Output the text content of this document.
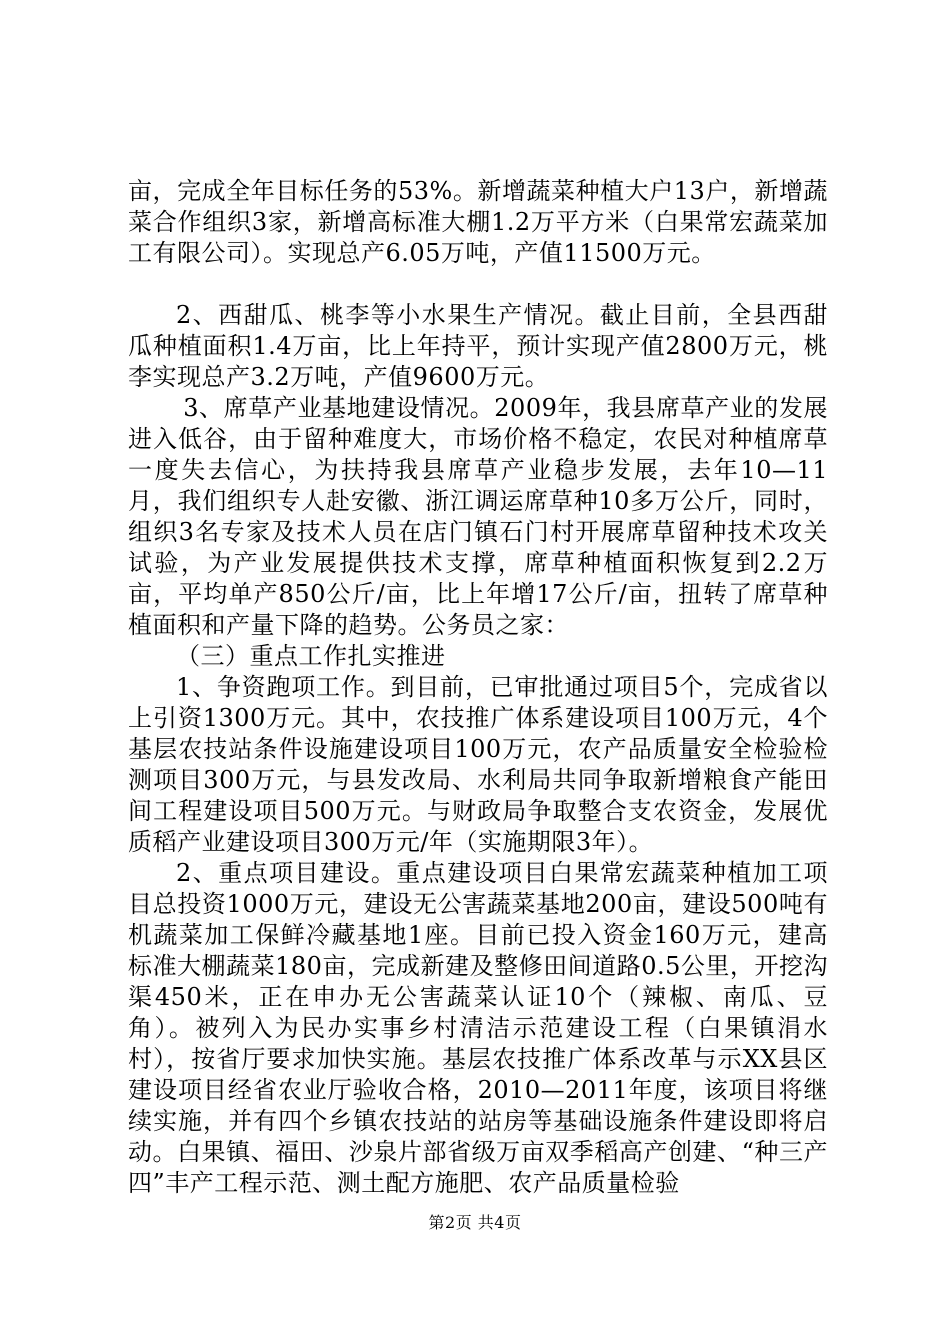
亩，完成全年目标任务的53%。新增蔬菜种植大户13户，新增蔬菜合作组织3家，新增高标准大棚1.2万平方米（白果常宏蔬菜加工有限公司）。实现总产6.05万吨，产值11500万元。

2、西甜瓜、桃李等小水果生产情况。截止目前，全县西甜瓜种植面积1.4万亩，比上年持平，预计实现产值2800万元，桃李实现总产3.2万吨，产值9600万元。

3、席草产业基地建设情况。2009年，我县席草产业的发展进入低谷，由于留种难度大，市场价格不稳定，农民对种植席草一度失去信心，为扶持我县席草产业稳步发展，去年10—11月，我们组织专人赴安徽、浙江调运席草种10多万公斤，同时，组织3名专家及技术人员在店门镇石门村开展席草留种技术攻关试验，为产业发展提供技术支撑，席草种植面积恢复到2.2万亩，平均单产850公斤/亩，比上年增17公斤/亩，扭转了席草种植面积和产量下降的趋势。公务员之家：

（三）重点工作扎实推进

1、争资跑项工作。到目前，已审批通过项目5个，完成省以上引资1300万元。其中，农技推广体系建设项目100万元，4个基层农技站条件设施建设项目100万元，农产品质量安全检验检测项目300万元，与县发改局、水利局共同争取新增粮食产能田间工程建设项目500万元。与财政局争取整合支农资金，发展优质稻产业建设项目300万元/年（实施期限3年）。

2、重点项目建设。重点建设项目白果常宏蔬菜种植加工项目总投资1000万元，建设无公害蔬菜基地200亩，建设500吨有机蔬菜加工保鲜冷藏基地1座。目前已投入资金160万元，建高标准大棚蔬菜180亩，完成新建及整修田间道路0.5公里，开挖沟渠450米，正在申办无公害蔬菜认证10个（辣椒、南瓜、豆角）。被列入为民办实事乡村清洁示范建设工程（白果镇涓水村），按省厅要求加快实施。基层农技推广体系改革与示XX县区建设项目经省农业厅验收合格，2010—2011年度，该项目将继续实施，并有四个乡镇农技站的站房等基础设施条件建设即将启动。白果镇、福田、沙泉片部省级万亩双季稻高产创建、“种三产四”丰产工程示范、测土配方施肥、农产品质量检验

第2页 共4页
